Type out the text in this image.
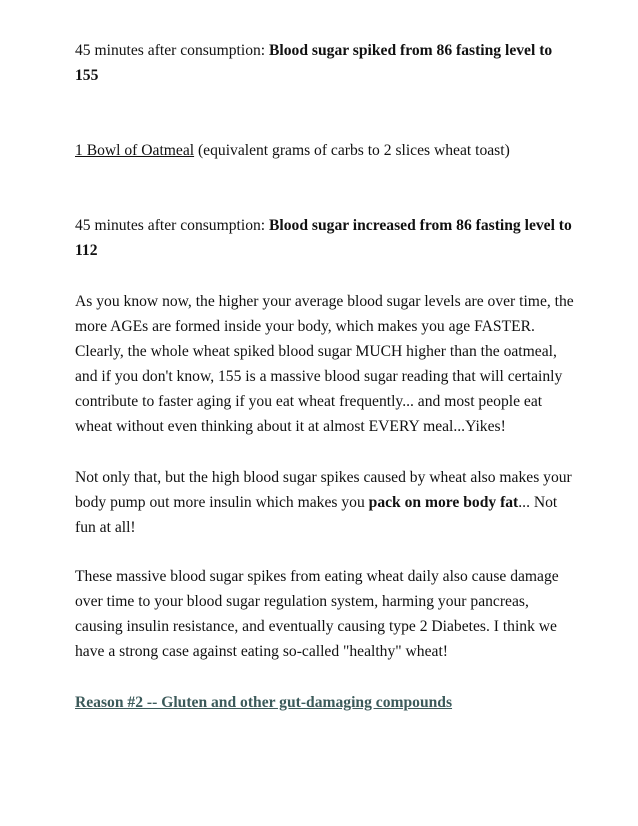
45 minutes after consumption: Blood sugar spiked from 86 fasting level to 155

1 Bowl of Oatmeal (equivalent grams of carbs to 2 slices wheat toast)

45 minutes after consumption: Blood sugar increased from 86 fasting level to 112

As you know now, the higher your average blood sugar levels are over time, the more AGEs are formed inside your body, which makes you age FASTER. Clearly, the whole wheat spiked blood sugar MUCH higher than the oatmeal, and if you don't know, 155 is a massive blood sugar reading that will certainly contribute to faster aging if you eat wheat frequently... and most people eat wheat without even thinking about it at almost EVERY meal...Yikes!

Not only that, but the high blood sugar spikes caused by wheat also makes your body pump out more insulin which makes you pack on more body fat... Not fun at all!

These massive blood sugar spikes from eating wheat daily also cause damage over time to your blood sugar regulation system, harming your pancreas, causing insulin resistance, and eventually causing type 2 Diabetes. I think we have a strong case against eating so-called "healthy" wheat!

Reason #2 -- Gluten and other gut-damaging compounds
